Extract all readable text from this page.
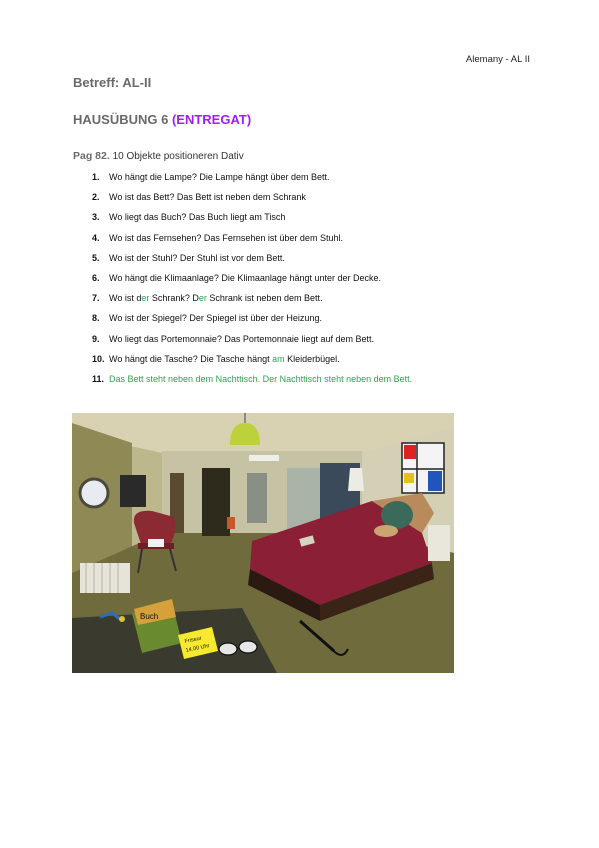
Alemany - AL II
Betreff: AL-II
HAUSÜBUNG 6 (ENTREGAT)
Pag 82. 10 Objekte positioneren Dativ
1. Wo hängt die Lampe? Die Lampe hängt über dem Bett.
2. Wo ist das Bett? Das Bett ist neben dem Schrank
3. Wo liegt das Buch? Das Buch liegt am Tisch
4. Wo ist das Fernsehen? Das Fernsehen ist über dem Stuhl.
5. Wo ist der Stuhl? Der Stuhl ist vor dem Bett.
6. Wo hängt die Klimaanlage? Die Klimaanlage hängt unter der Decke.
7. Wo ist der Schrank? Der Schrank ist neben dem Bett.
8. Wo ist der Spiegel? Der Spiegel ist über der Heizung.
9. Wo liegt das Portemonnaie? Das Portemonnaie liegt auf dem Bett.
10. Wo hängt die Tasche? Die Tasche hängt am Kleiderbügel.
11. Das Bett steht neben dem Nachttisch. Der Nachttisch steht neben dem Bett.
Buch
Friseur
14.00 Uhr
